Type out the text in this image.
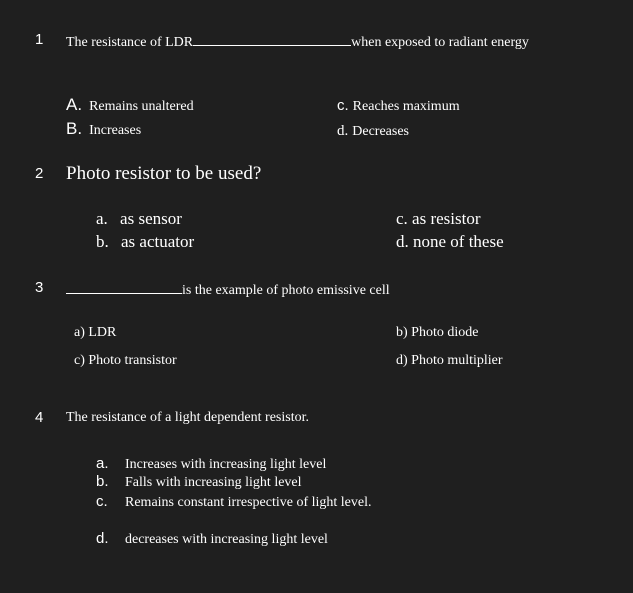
1 The resistance of LDR	when exposed to radiant energy
A. Remains unaltered
B. Increases
c. Reaches maximum
d. Decreases
2 Photo resistor to be used?
a. as sensor
b. as actuator
c. as resistor
d. none of these
3	is the example of photo emissive cell
a) LDR	b) Photo diode
c) Photo transistor	d) Photo multiplier
4 The resistance of a light dependent resistor.
a. Increases with increasing light level
b. Falls with increasing light level
c. Remains constant irrespective of light level.
d. decreases with increasing light level
